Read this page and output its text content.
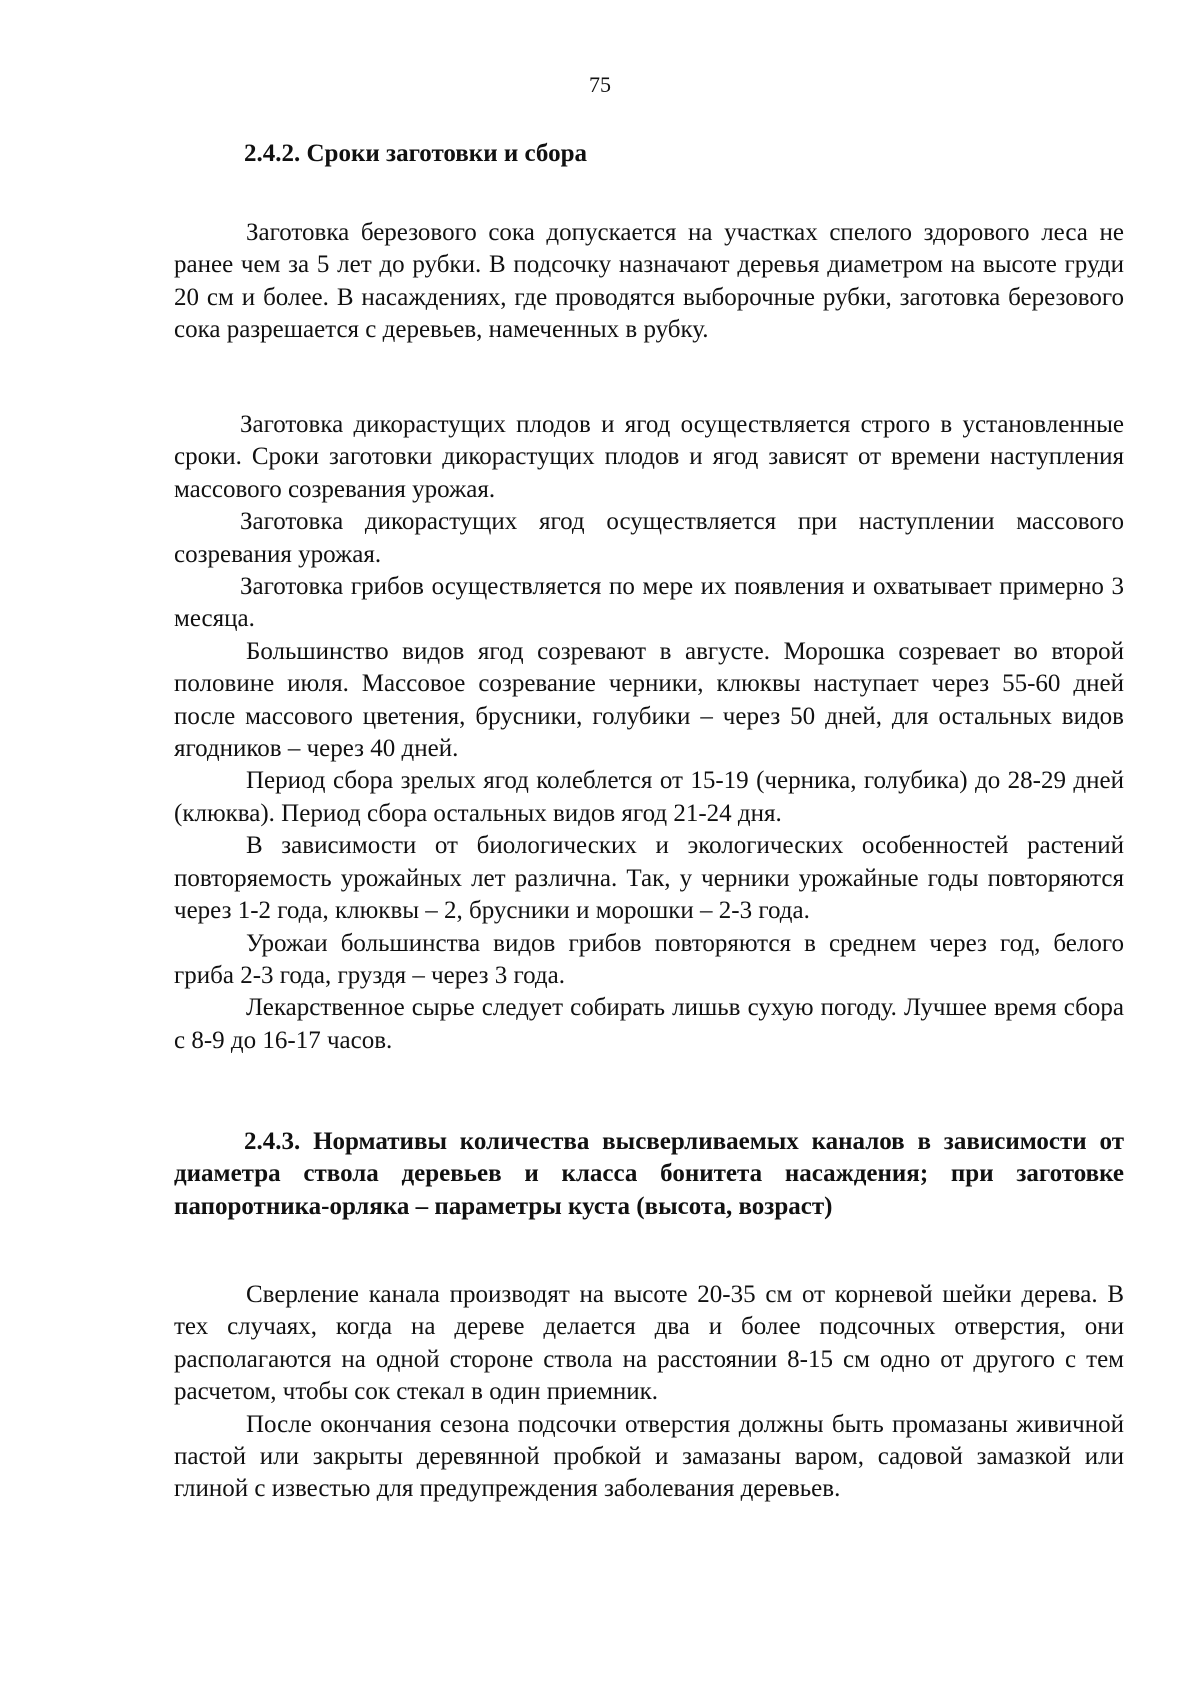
75
2.4.2. Сроки заготовки и сбора

Заготовка березового сока допускается на участках спелого здорового леса не ранее чем за 5 лет до рубки. В подсочку назначают деревья диаметром на высоте груди 20 см и более. В насаждениях, где проводятся выборочные рубки, заготовка березового сока разрешается с деревьев, намеченных в рубку.

Заготовка дикорастущих плодов и ягод осуществляется строго в установленные сроки. Сроки заготовки дикорастущих плодов и ягод зависят от времени наступления массового созревания урожая.

Заготовка дикорастущих ягод осуществляется при наступлении массового созревания урожая.

Заготовка грибов осуществляется по мере их появления и охватывает примерно 3 месяца.

Большинство видов ягод созревают в августе. Морошка созревает во второй половине июля. Массовое созревание черники, клюквы наступает через 55-60 дней после массового цветения, брусники, голубики – через 50 дней, для остальных видов ягодников – через 40 дней.

Период сбора зрелых ягод колеблется от 15-19 (черника, голубика) до 28-29 дней (клюква). Период сбора остальных видов ягод 21-24 дня.

В зависимости от биологических и экологических особенностей растений повторяемость урожайных лет различна. Так, у черники урожайные годы повторяются через 1-2 года, клюквы – 2, брусники и морошки – 2-3 года.

Урожаи большинства видов грибов повторяются в среднем через год, белого гриба 2-3 года, груздя – через 3 года.

Лекарственное сырье следует собирать лишьв сухую погоду. Лучшее время сбора с 8-9 до 16-17 часов.

2.4.3. Нормативы количества высверливаемых каналов в зависимости от диаметра ствола деревьев и класса бонитета насаждения; при заготовке папоротника-орляка – параметры куста (высота, возраст)

Сверление канала производят на высоте 20-35 см от корневой шейки дерева. В тех случаях, когда на дереве делается два и более подсочных отверстия, они располагаются на одной стороне ствола на расстоянии 8-15 см одно от другого с тем расчетом, чтобы сок стекал в один приемник.

После окончания сезона подсочки отверстия должны быть промазаны живичной пастой или закрыты деревянной пробкой и замазаны варом, садовой замазкой или глиной с известью для предупреждения заболевания деревьев.
